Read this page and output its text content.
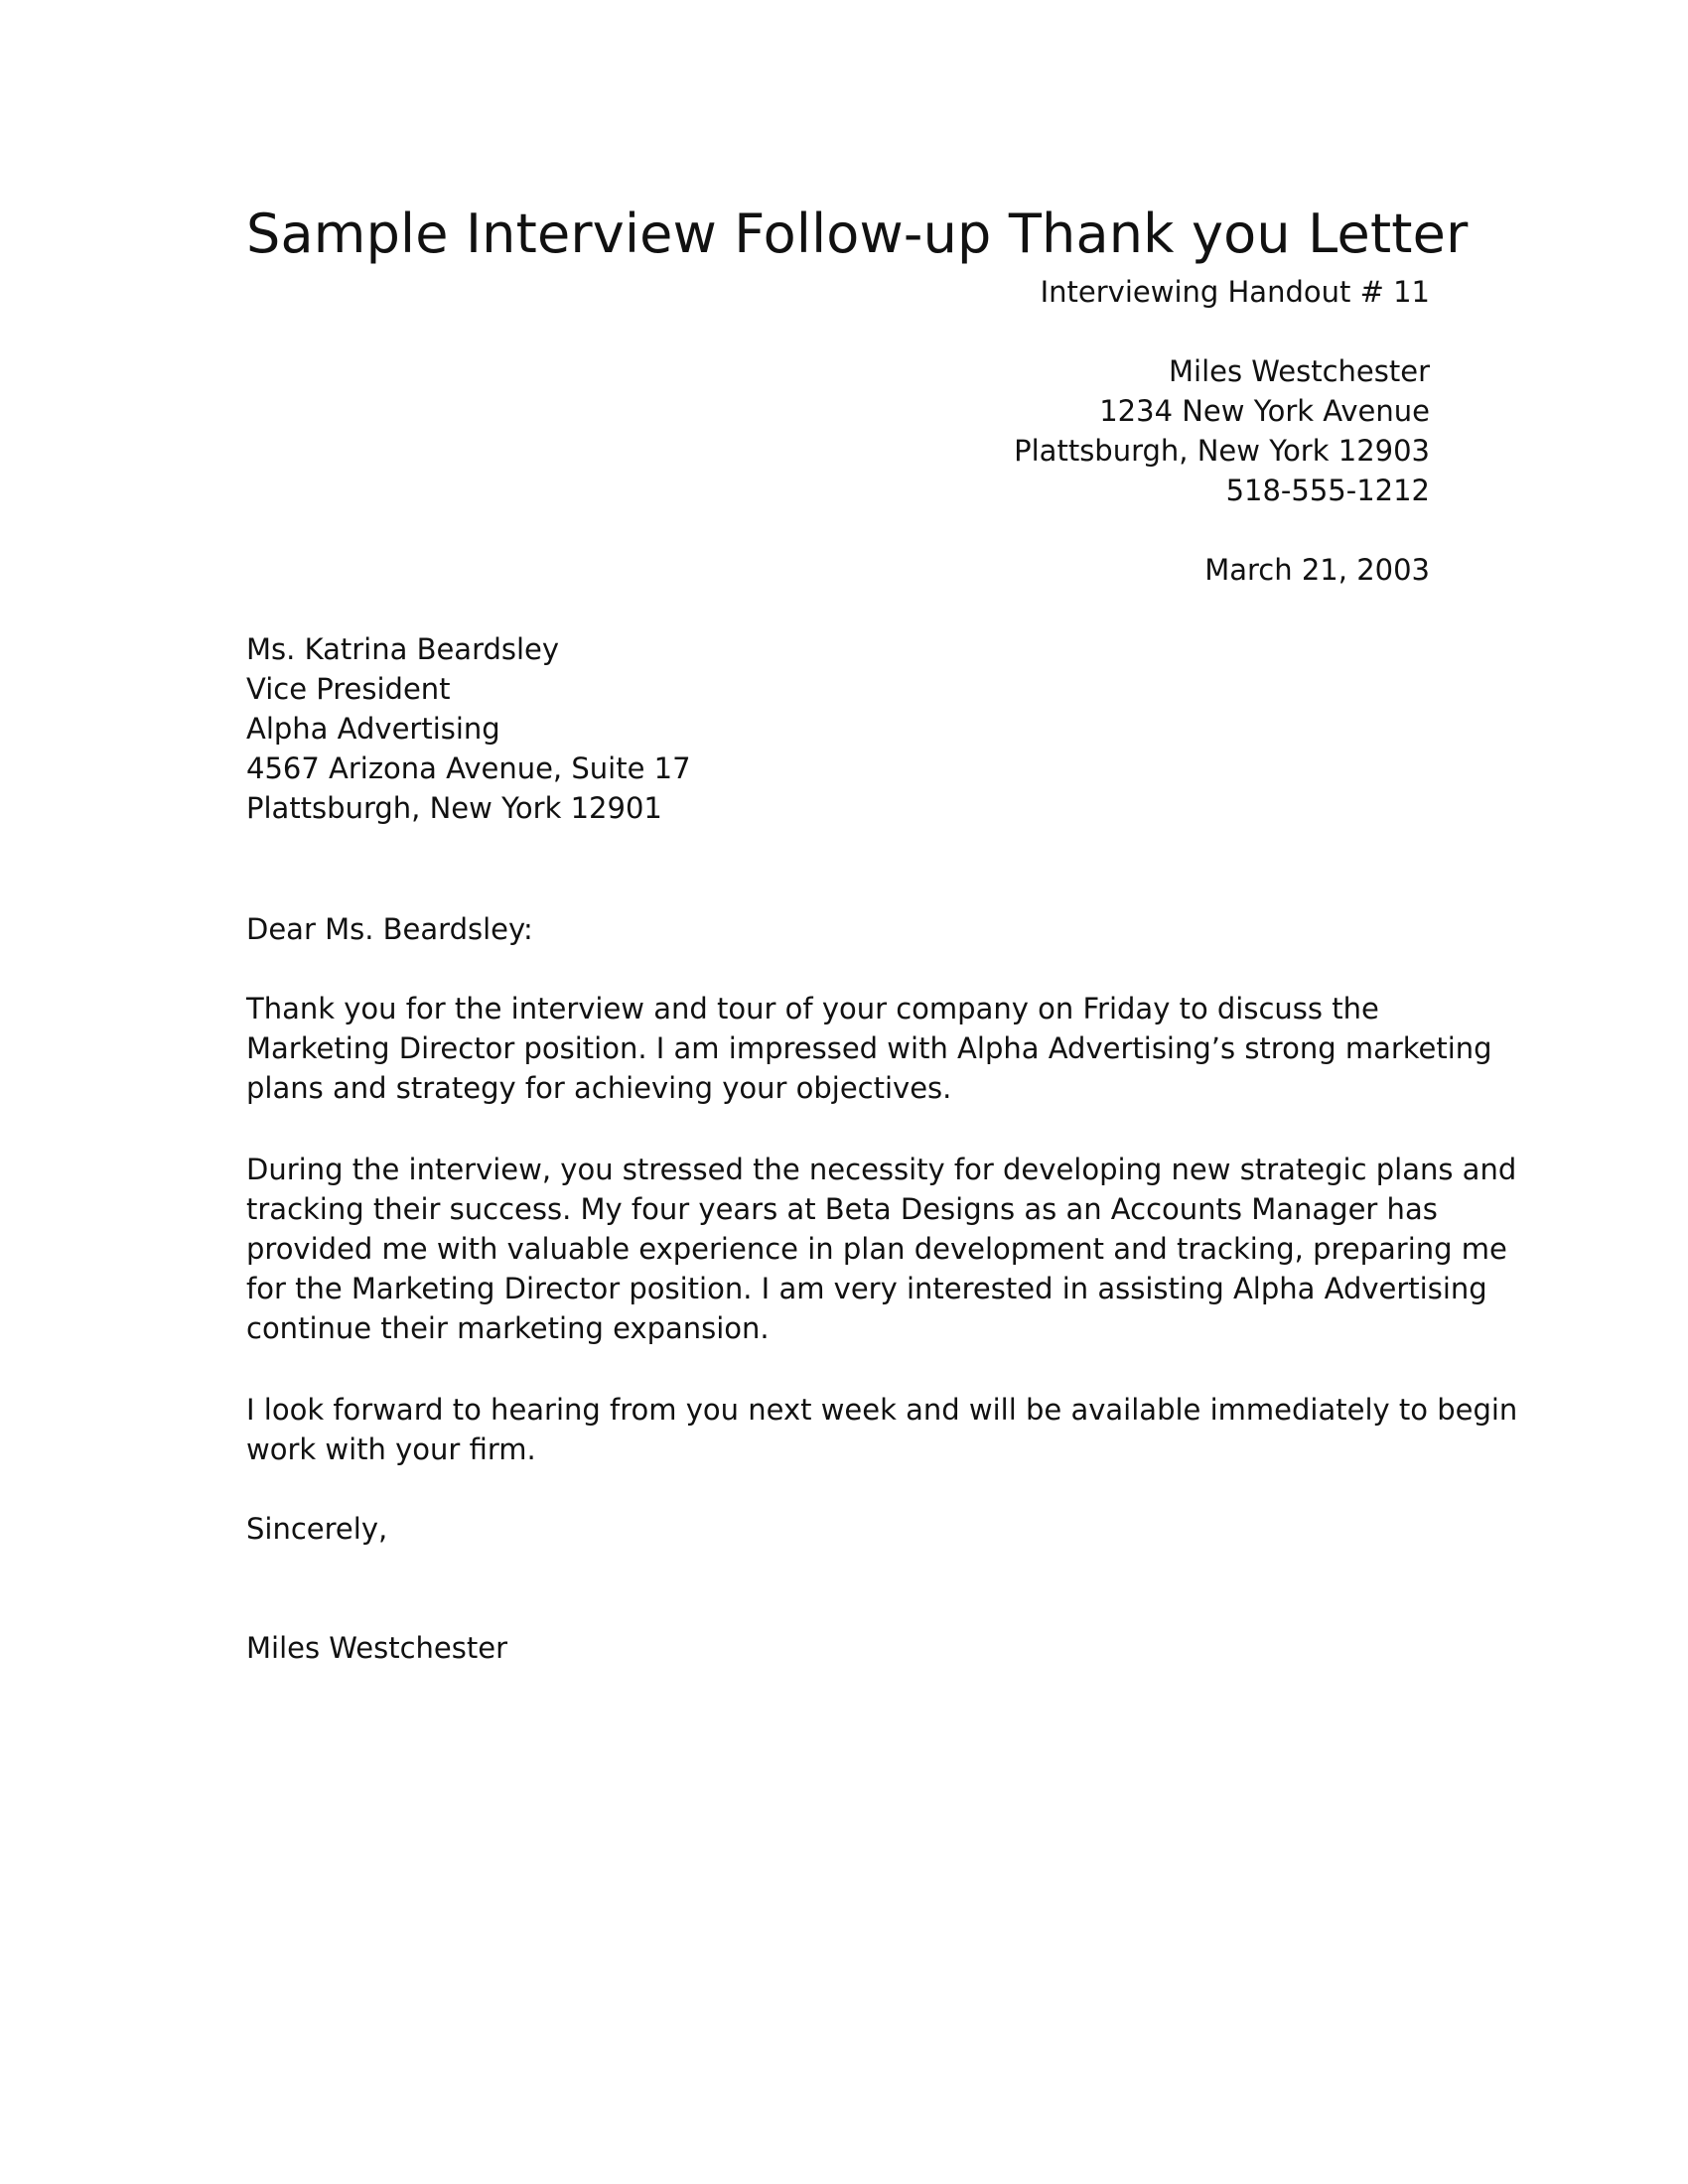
Sample Interview Follow-up Thank you Letter
Interviewing Handout # 11
Miles Westchester
1234 New York Avenue
Plattsburgh, New York 12903
518-555-1212
March 21, 2003
Ms. Katrina Beardsley
Vice President
Alpha Advertising
4567 Arizona Avenue, Suite 17
Plattsburgh, New York 12901
Dear Ms. Beardsley:
Thank you for the interview and tour of your company on Friday to discuss the
Marketing Director position. I am impressed with Alpha Advertising’s strong marketing
plans and strategy for achieving your objectives.
During the interview, you stressed the necessity for developing new strategic plans and
tracking their success. My four years at Beta Designs as an Accounts Manager has
provided me with valuable experience in plan development and tracking, preparing me
for the Marketing Director position. I am very interested in assisting Alpha Advertising
continue their marketing expansion.
I look forward to hearing from you next week and will be available immediately to begin
work with your firm.
Sincerely,
Miles Westchester
